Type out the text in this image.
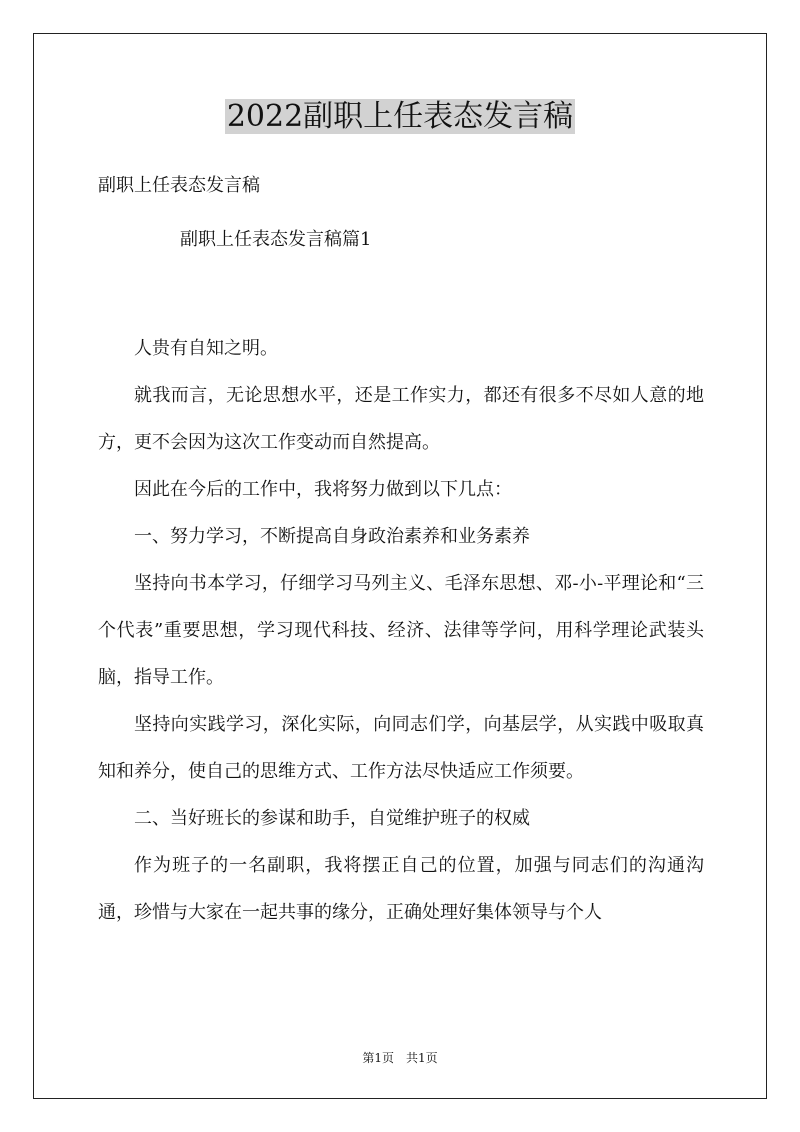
2022副职上任表态发言稿
副职上任表态发言稿
副职上任表态发言稿篇1

人贵有自知之明。

就我而言，无论思想水平，还是工作实力，都还有很多不尽如人意的地方，更不会因为这次工作变动而自然提高。

因此在今后的工作中，我将努力做到以下几点：

一、努力学习，不断提高自身政治素养和业务素养

坚持向书本学习，仔细学习马列主义、毛泽东思想、邓-小-平理论和“三个代表”重要思想，学习现代科技、经济、法律等学问，用科学理论武装头脑，指导工作。

坚持向实践学习，深化实际，向同志们学，向基层学，从实践中吸取真知和养分，使自己的思维方式、工作方法尽快适应工作须要。

二、当好班长的参谋和助手，自觉维护班子的权威

作为班子的一名副职，我将摆正自己的位置，加强与同志们的沟通沟通，珍惜与大家在一起共事的缘分，正确处理好集体领导与个人

第1页　共1页
